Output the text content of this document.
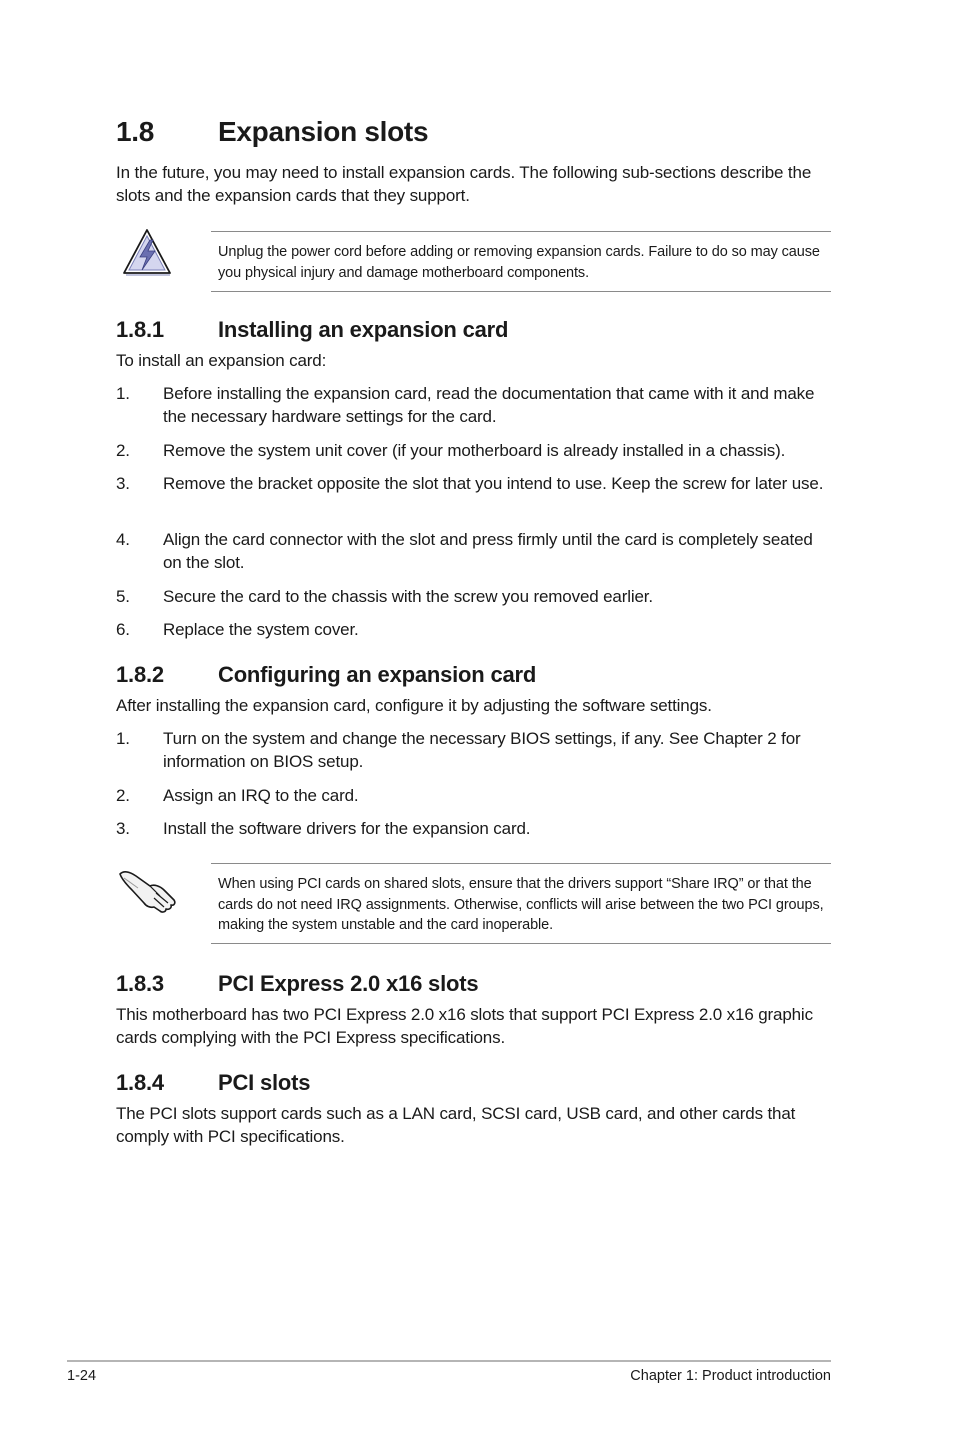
1.8 Expansion slots
In the future, you may need to install expansion cards. The following sub-sections describe the slots and the expansion cards that they support.
Unplug the power cord before adding or removing expansion cards. Failure to do so may cause you physical injury and damage motherboard components.
1.8.1 Installing an expansion card
To install an expansion card:
1. Before installing the expansion card, read the documentation that came with it and make the necessary hardware settings for the card.
2. Remove the system unit cover (if your motherboard is already installed in a chassis).
3. Remove the bracket opposite the slot that you intend to use. Keep the screw for later use.
4. Align the card connector with the slot and press firmly until the card is completely seated on the slot.
5. Secure the card to the chassis with the screw you removed earlier.
6. Replace the system cover.
1.8.2 Configuring an expansion card
After installing the expansion card, configure it by adjusting the software settings.
1. Turn on the system and change the necessary BIOS settings, if any. See Chapter 2 for information on BIOS setup.
2. Assign an IRQ to the card.
3. Install the software drivers for the expansion card.
When using PCI cards on shared slots, ensure that the drivers support “Share IRQ” or that the cards do not need IRQ assignments. Otherwise, conflicts will arise between the two PCI groups, making the system unstable and the card inoperable.
1.8.3 PCI Express 2.0 x16 slots
This motherboard has two PCI Express 2.0 x16 slots that support PCI Express 2.0 x16 graphic cards complying with the PCI Express specifications.
1.8.4 PCI slots
The PCI slots support cards such as a LAN card, SCSI card, USB card, and other cards that comply with PCI specifications.
1-24	Chapter 1: Product introduction
